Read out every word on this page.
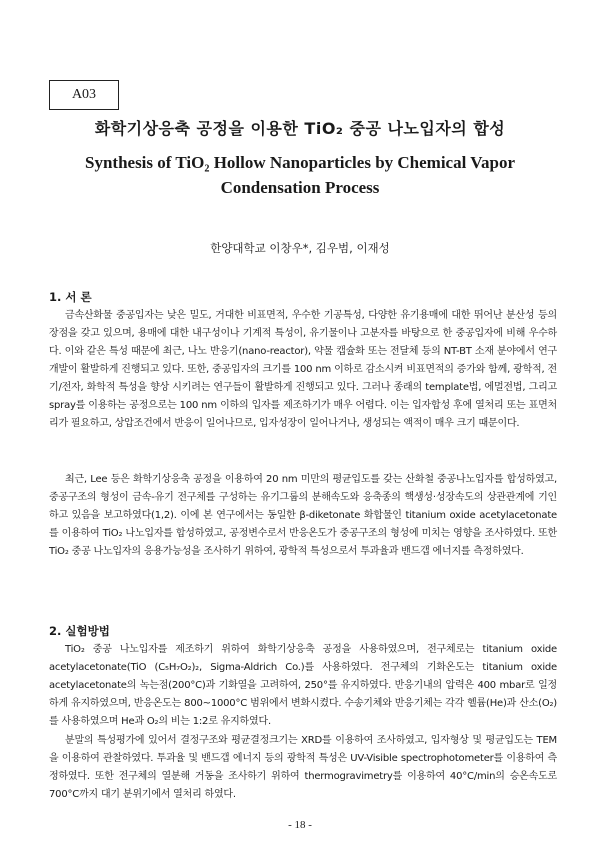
A03
화학기상응축 공정을 이용한 TiO₂ 중공 나노입자의 합성
Synthesis of TiO₂ Hollow Nanoparticles by Chemical Vapor Condensation Process
한양대학교 이창우*, 김우범, 이재성
1. 서 론

금속산화물 중공입자는 낮은 밀도, 거대한 비표면적, 우수한 기공특성, 다양한 유기용매에 대한 뛰어난 분산성 등의 장점을 갖고 있으며, 용매에 대한 내구성이나 기계적 특성이, 유기물이나 고분자를 바탕으로 한 중공입자에 비해 우수하다. 이와 같은 특성 때문에 최근, 나노 반응기(nano-reactor), 약물 캡슐화 또는 전달체 등의 NT-BT 소재 분야에서 연구개발이 활발하게 진행되고 있다. 또한, 중공입자의 크기를 100 nm 이하로 감소시켜 비표면적의 증가와 함께, 광학적, 전기/전자, 화학적 특성을 향상 시키려는 연구들이 활발하게 진행되고 있다. 그러나 종래의 template법, 에멀전법, 그리고 spray를 이용하는 공정으로는 100 nm 이하의 입자를 제조하기가 매우 어렵다. 이는 입자합성 후에 열처리 또는 표면처리가 필요하고, 상압조건에서 반응이 일어나므로, 입자성장이 일어나거나, 생성되는 액적이 매우 크기 때문이다.

최근, Lee 등은 화학기상응축 공정을 이용하여 20 nm 미만의 평균입도를 갖는 산화철 중공나노입자를 합성하였고, 중공구조의 형성이 금속-유기 전구체를 구성하는 유기그룹의 분해속도와 응축종의 핵생성·성장속도의 상관관계에 기인하고 있음을 보고하였다(1,2). 이에 본 연구에서는 동일한 β-diketonate 화합물인 titanium oxide acetylacetonate를 이용하여 TiO₂ 나노입자를 합성하였고, 공정변수로서 반응온도가 중공구조의 형성에 미치는 영향을 조사하였다. 또한 TiO₂ 중공 나노입자의 응용가능성을 조사하기 위하여, 광학적 특성으로서 투과율과 밴드갭 에너지를 측정하였다.

2. 실험방법

TiO₂ 중공 나노입자를 제조하기 위하여 화학기상응축 공정을 사용하였으며, 전구체로는 titanium oxide acetylacetonate(TiO (C₅H₇O₂)₂, Sigma-Aldrich Co.)를 사용하였다. 전구체의 기화온도는 titanium oxide acetylacetonate의 녹는점(200°C)과 기화열을 고려하여, 250°를 유지하였다. 반응기내의 압력은 400 mbar로 일정하게 유지하였으며, 반응온도는 800~1000°C 범위에서 변화시켰다. 수송기체와 반응기체는 각각 헬륨(He)과 산소(O₂)를 사용하였으며 He과 O₂의 비는 1:2로 유지하였다.

분말의 특성평가에 있어서 결정구조와 평균결정크기는 XRD를 이용하여 조사하였고, 입자형상 및 평균입도는 TEM을 이용하여 관찰하였다. 투과율 및 밴드갭 에너지 등의 광학적 특성은 UV-Visible spectrophotometer를 이용하여 측정하였다. 또한 전구체의 열분해 거동을 조사하기 위하여 thermogravimetry를 이용하여 40°C/min의 승온속도로 700°C까지 대기 분위기에서 열처리 하였다.

- 18 -
